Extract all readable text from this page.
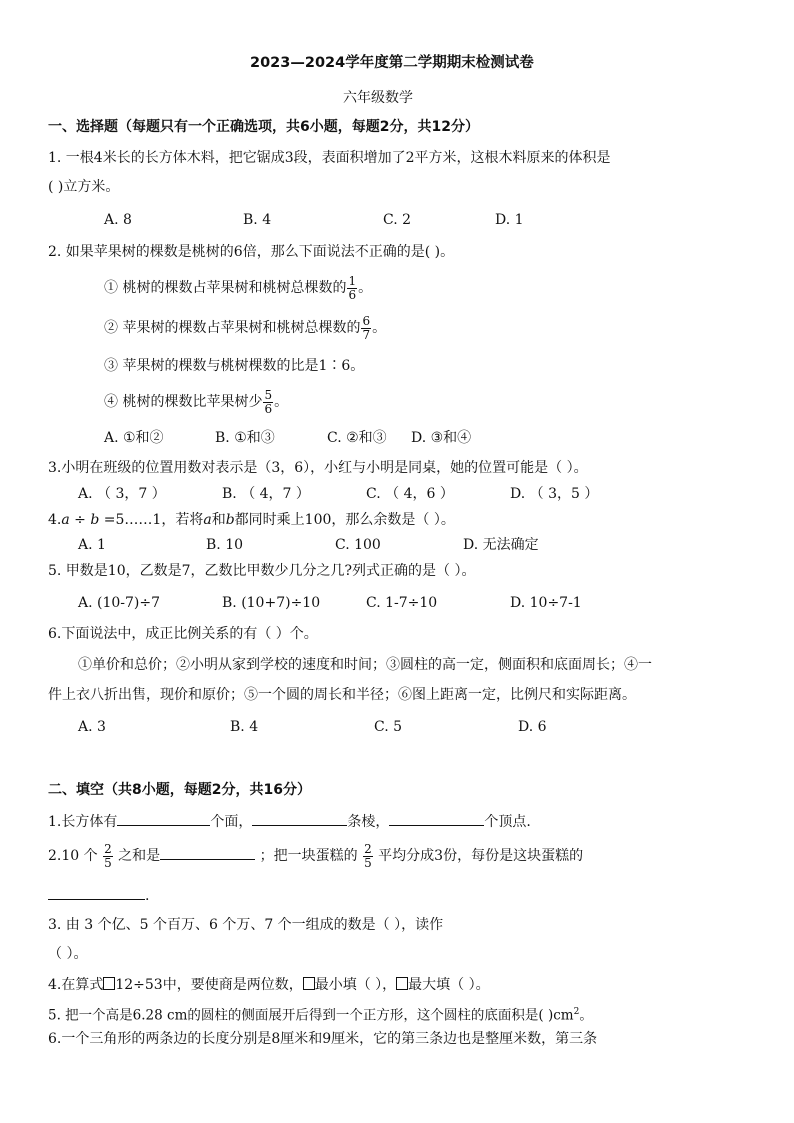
2023—2024学年度第二学期期末检测试卷
六年级数学
一、选择题（每题只有一个正确选项，共6小题，每题2分，共12分）
1. 一根4米长的长方体木料，把它锯成3段，表面积增加了2平方米，这根木料原来的体积是
( )立方米。
A. 8	B. 4	C. 2	D. 1
2. 如果苹果树的棵数是桃树的6倍，那么下面说法不正确的是( )。
① 桃树的棵数占苹果树和桃树总棵数的 $\frac{1}{6}$ 。
② 苹果树的棵数占苹果树和桃树总棵数的 $\frac{6}{7}$ 。
③ 苹果树的棵数与桃树棵数的比是1∶6。
④ 桃树的棵数比苹果树少 $\frac{5}{6}$ 。
A. ①和②	B. ①和③	C. ②和③ D. ③和④
3.小明在班级的位置用数对表示是（3，6），小红与小明是同桌，她的位置可能是（ ）。
A. （ 3，7 ）	B. （ 4，7 ）	C. （ 4，6 ）	D. （ 3，5 ）
4.a ÷ b =5……1，若将a和b都同时乘上100，那么余数是（ ）。
A. 1	B. 10	C. 100	D. 无法确定
5. 甲数是10，乙数是7，乙数比甲数少几分之几?列式正确的是（ ）。
A. (10-7)÷7	B. (10+7)÷10	C. 1-7÷10	D. 10÷7-1
6.下面说法中，成正比例关系的有（ ）个。
①单价和总价；②小明从家到学校的速度和时间；③圆柱的高一定，侧面积和底面周长；④一
件上衣八折出售，现价和原价；⑤一个圆的周长和半径；⑥图上距离一定，比例尺和实际距离。
A. 3	B. 4	C. 5	D. 6
二、填空（共8小题，每题2分，共16分）
1.长方体有	个面，	条棱，	个顶点.
2.10 个 $\frac{2}{5}$ 之和是	；把一块蛋糕的 $\frac{2}{5}$ 平均分成3份，每份是这块蛋糕的
.
3. 由 3 个亿、5 个百万、6 个万、7 个一组成的数是（ ），读作
（ ）。
4.在算式 12÷53中，要使商是两位数， 最小填（ ）， 最大填（ ）。
5. 把一个高是6.28 cm的圆柱的侧面展开后得到一个正方形，这个圆柱的底面积是( )$cm^2$。
6.一个三角形的两条边的长度分别是8厘米和9厘米，它的第三条边也是整厘米数，第三条
